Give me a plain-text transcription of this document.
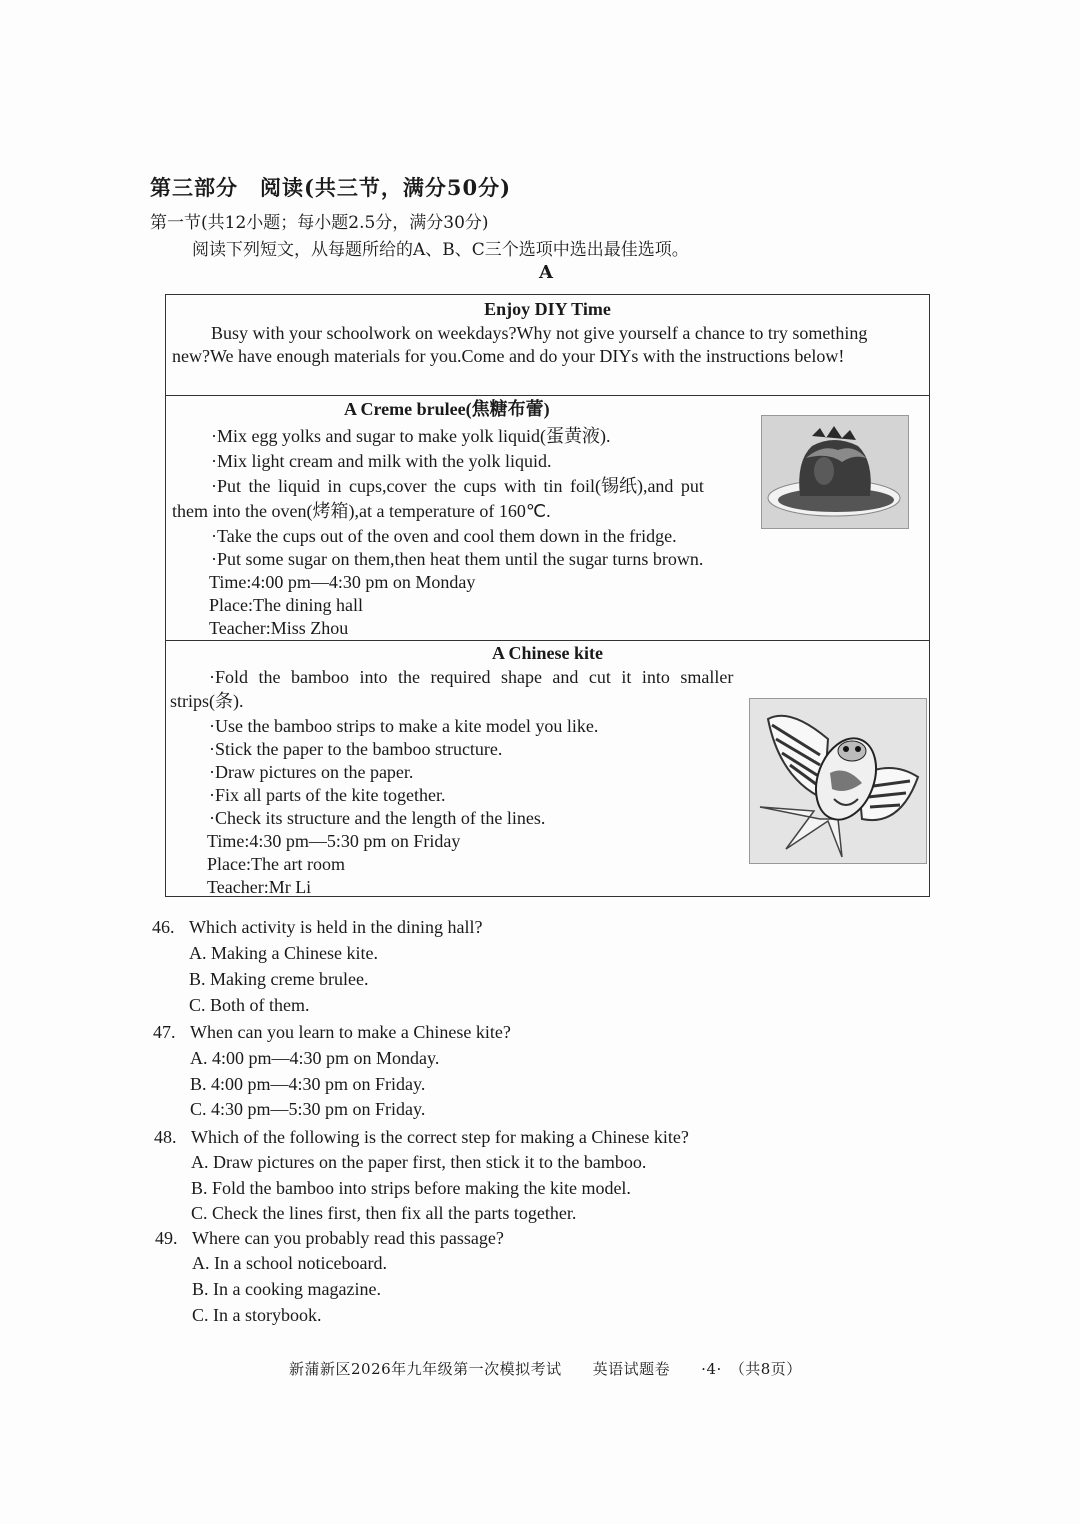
第三部分　阅读(共三节，满分50分)
第一节(共12小题；每小题2.5分，满分30分)
阅读下列短文，从每题所给的A、B、C三个选项中选出最佳选项。
A
Enjoy DIY Time
Busy with your schoolwork on weekdays?Why not give yourself a chance to try something
new?We have enough materials for you.Come and do your DIYs with the instructions below!
A Creme brulee(焦糖布蕾)
·Mix egg yolks and sugar to make yolk liquid(蛋黄液).
·Mix light cream and milk with the yolk liquid.
·Put the liquid in cups,cover the cups with tin foil(锡纸),and put
them into the oven(烤箱),at a temperature of 160℃.
·Take the cups out of the oven and cool them down in the fridge.
·Put some sugar on them,then heat them until the sugar turns brown.
Time:4:00 pm—4:30 pm on Monday
Place:The dining hall
Teacher:Miss Zhou
A Chinese kite
·Fold the bamboo into the required shape and cut it into smaller
strips(条).
·Use the bamboo strips to make a kite model you like.
·Stick the paper to the bamboo structure.
·Draw pictures on the paper.
·Fix all parts of the kite together.
·Check its structure and the length of the lines.
Time:4:30 pm—5:30 pm on Friday
Place:The art room
Teacher:Mr Li
46. Which activity is held in the dining hall?
A. Making a Chinese kite.
B. Making creme brulee.
C. Both of them.
47. When can you learn to make a Chinese kite?
A. 4:00 pm—4:30 pm on Monday.
B. 4:00 pm—4:30 pm on Friday.
C. 4:30 pm—5:30 pm on Friday.
48. Which of the following is the correct step for making a Chinese kite?
A. Draw pictures on the paper first, then stick it to the bamboo.
B. Fold the bamboo into strips before making the kite model.
C. Check the lines first, then fix all the parts together.
49. Where can you probably read this passage?
A. In a school noticeboard.
B. In a cooking magazine.
C. In a storybook.
新蒲新区2026年九年级第一次模拟考试　　英语试题卷　　·4·　（共8页）
